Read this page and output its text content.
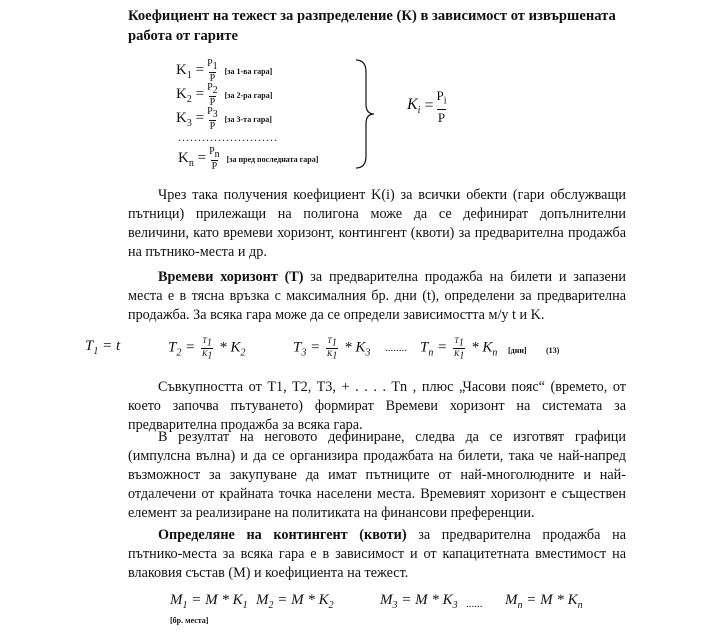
Коефициент на тежест за разпределение (К) в зависимост от извършената работа от гарите
$K_1 = \frac{P_1}{P} [за$ 1-ва гара]
$K_2 = \frac{P_2}{P} [за$ 2-ра гара]
$K_3 = \frac{P_3}{P} [за$ 3-та гара]
.........................
$K_n = \frac{P_n}{P} [за$ пред последната гара]
$K_i = \frac{P_i}{P}$
Чрез така получения коефициент K(i) за всички обекти (гари обслужващи пътници) прилежащи на полигона може да се дефинират допълнителни величини, като времеви хоризонт, контингент (квоти) за предварителна продажба на пътнико-места и др.
Времеви хоризонт (Т) за предварителна продажба на билети и запазени места е в тясна връзка с максималния бр. дни (t), определени за предварителна продажба. За всяка гара може да се определи зависимостта м/у t и K.
$T_1 = t$	$T_2 = \frac{T_1}{K_1} * K_2$	$T_3 = \frac{T_1}{K_1} * K_3$ ........ $T_n = \frac{T_1}{K_1} * K_n$ [дни] (13)
Съвкупността от T1, T2, T3, + . . . . Tn , плюс „Часови пояс“ (времето, от което започва пътуването) формират Времеви хоризонт на системата за предварителна продажба за всяка гара.
В резултат на неговото дефиниране, следва да се изготвят графици (импулсна вълна) и да се организира продажбата на билети, така че най-напред възможност за закупуване да имат пътниците от най-многолюдните и най-отдалечени от крайната точка населени места. Времевият хоризонт е съществен елемент за реализиране на политиката на финансови преференции.
Определяне на контингент (квоти) за предварителна продажба на пътнико-места за всяка гара е в зависимост и от капацитетната вместимост на влаковия състав (М) и коефициента на тежест.
$M_1 = M * K_1$ $M_2 = M * K_2$	$M_3 = M * K_3$ ...... $M_n = M * K_n$
[бр. места]
